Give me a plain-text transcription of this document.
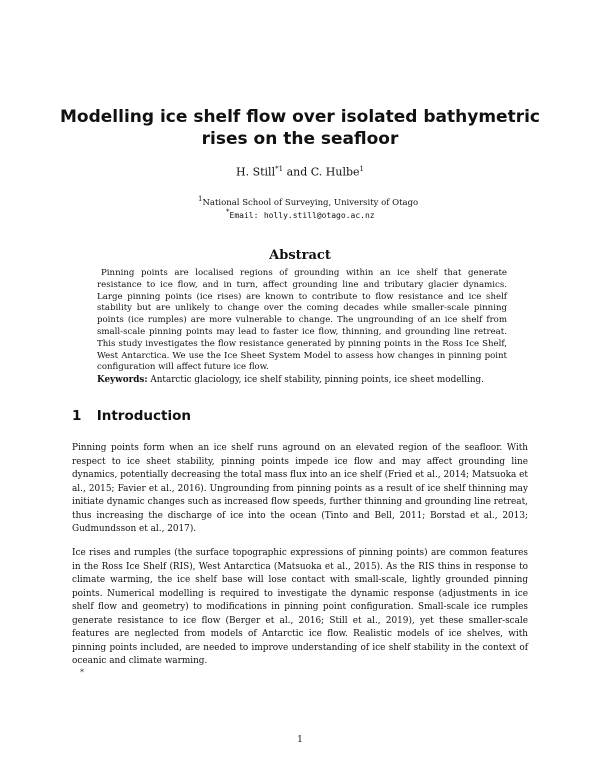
Modelling ice shelf flow over isolated bathymetric rises on the seafloor
H. Still$^{*1}$ and C. Hulbe$^1$
$^1$National School of Surveying, University of Otago
*Email: holly.still@otago.ac.nz
Abstract
Pinning points are localised regions of grounding within an ice shelf that generate resistance to ice flow, and in turn, affect grounding line and tributary glacier dynamics. Large pinning points (ice rises) are known to contribute to flow resistance and ice shelf stability but are unlikely to change over the coming decades while smaller-scale pinning points (ice rumples) are more vulnerable to change. The ungrounding of an ice shelf from small-scale pinning points may lead to faster ice flow, thinning, and grounding line retreat. This study investigates the flow resistance generated by pinning points in the Ross Ice Shelf, West Antarctica. We use the Ice Sheet System Model to assess how changes in pinning point configuration will affect future ice flow.
Keywords: Antarctic glaciology, ice shelf stability, pinning points, ice sheet modelling.
1 Introduction
Pinning points form when an ice shelf runs aground on an elevated region of the seafloor. With respect to ice sheet stability, pinning points impede ice flow and may affect grounding line dynamics, potentially decreasing the total mass flux into an ice shelf (Fried et al., 2014; Matsuoka et al., 2015; Favier et al., 2016). Ungrounding from pinning points as a result of ice shelf thinning may initiate dynamic changes such as increased flow speeds, further thinning and grounding line retreat, thus increasing the discharge of ice into the ocean (Tinto and Bell, 2011; Borstad et al., 2013; Gudmundsson et al., 2017).
Ice rises and rumples (the surface topographic expressions of pinning points) are common features in the Ross Ice Shelf (RIS), West Antarctica (Matsuoka et al., 2015). As the RIS thins in response to climate warming, the ice shelf base will lose contact with small-scale, lightly grounded pinning points. Numerical modelling is required to investigate the dynamic response (adjustments in ice shelf flow and geometry) to modifications in pinning point configuration. Small-scale ice rumples generate resistance to ice flow (Berger et al., 2016; Still et al., 2019), yet these smaller-scale features are neglected from models of Antarctic ice flow. Realistic models of ice shelves, with pinning points included, are needed to improve understanding of ice shelf stability in the context of oceanic and climate warming.
*
1
